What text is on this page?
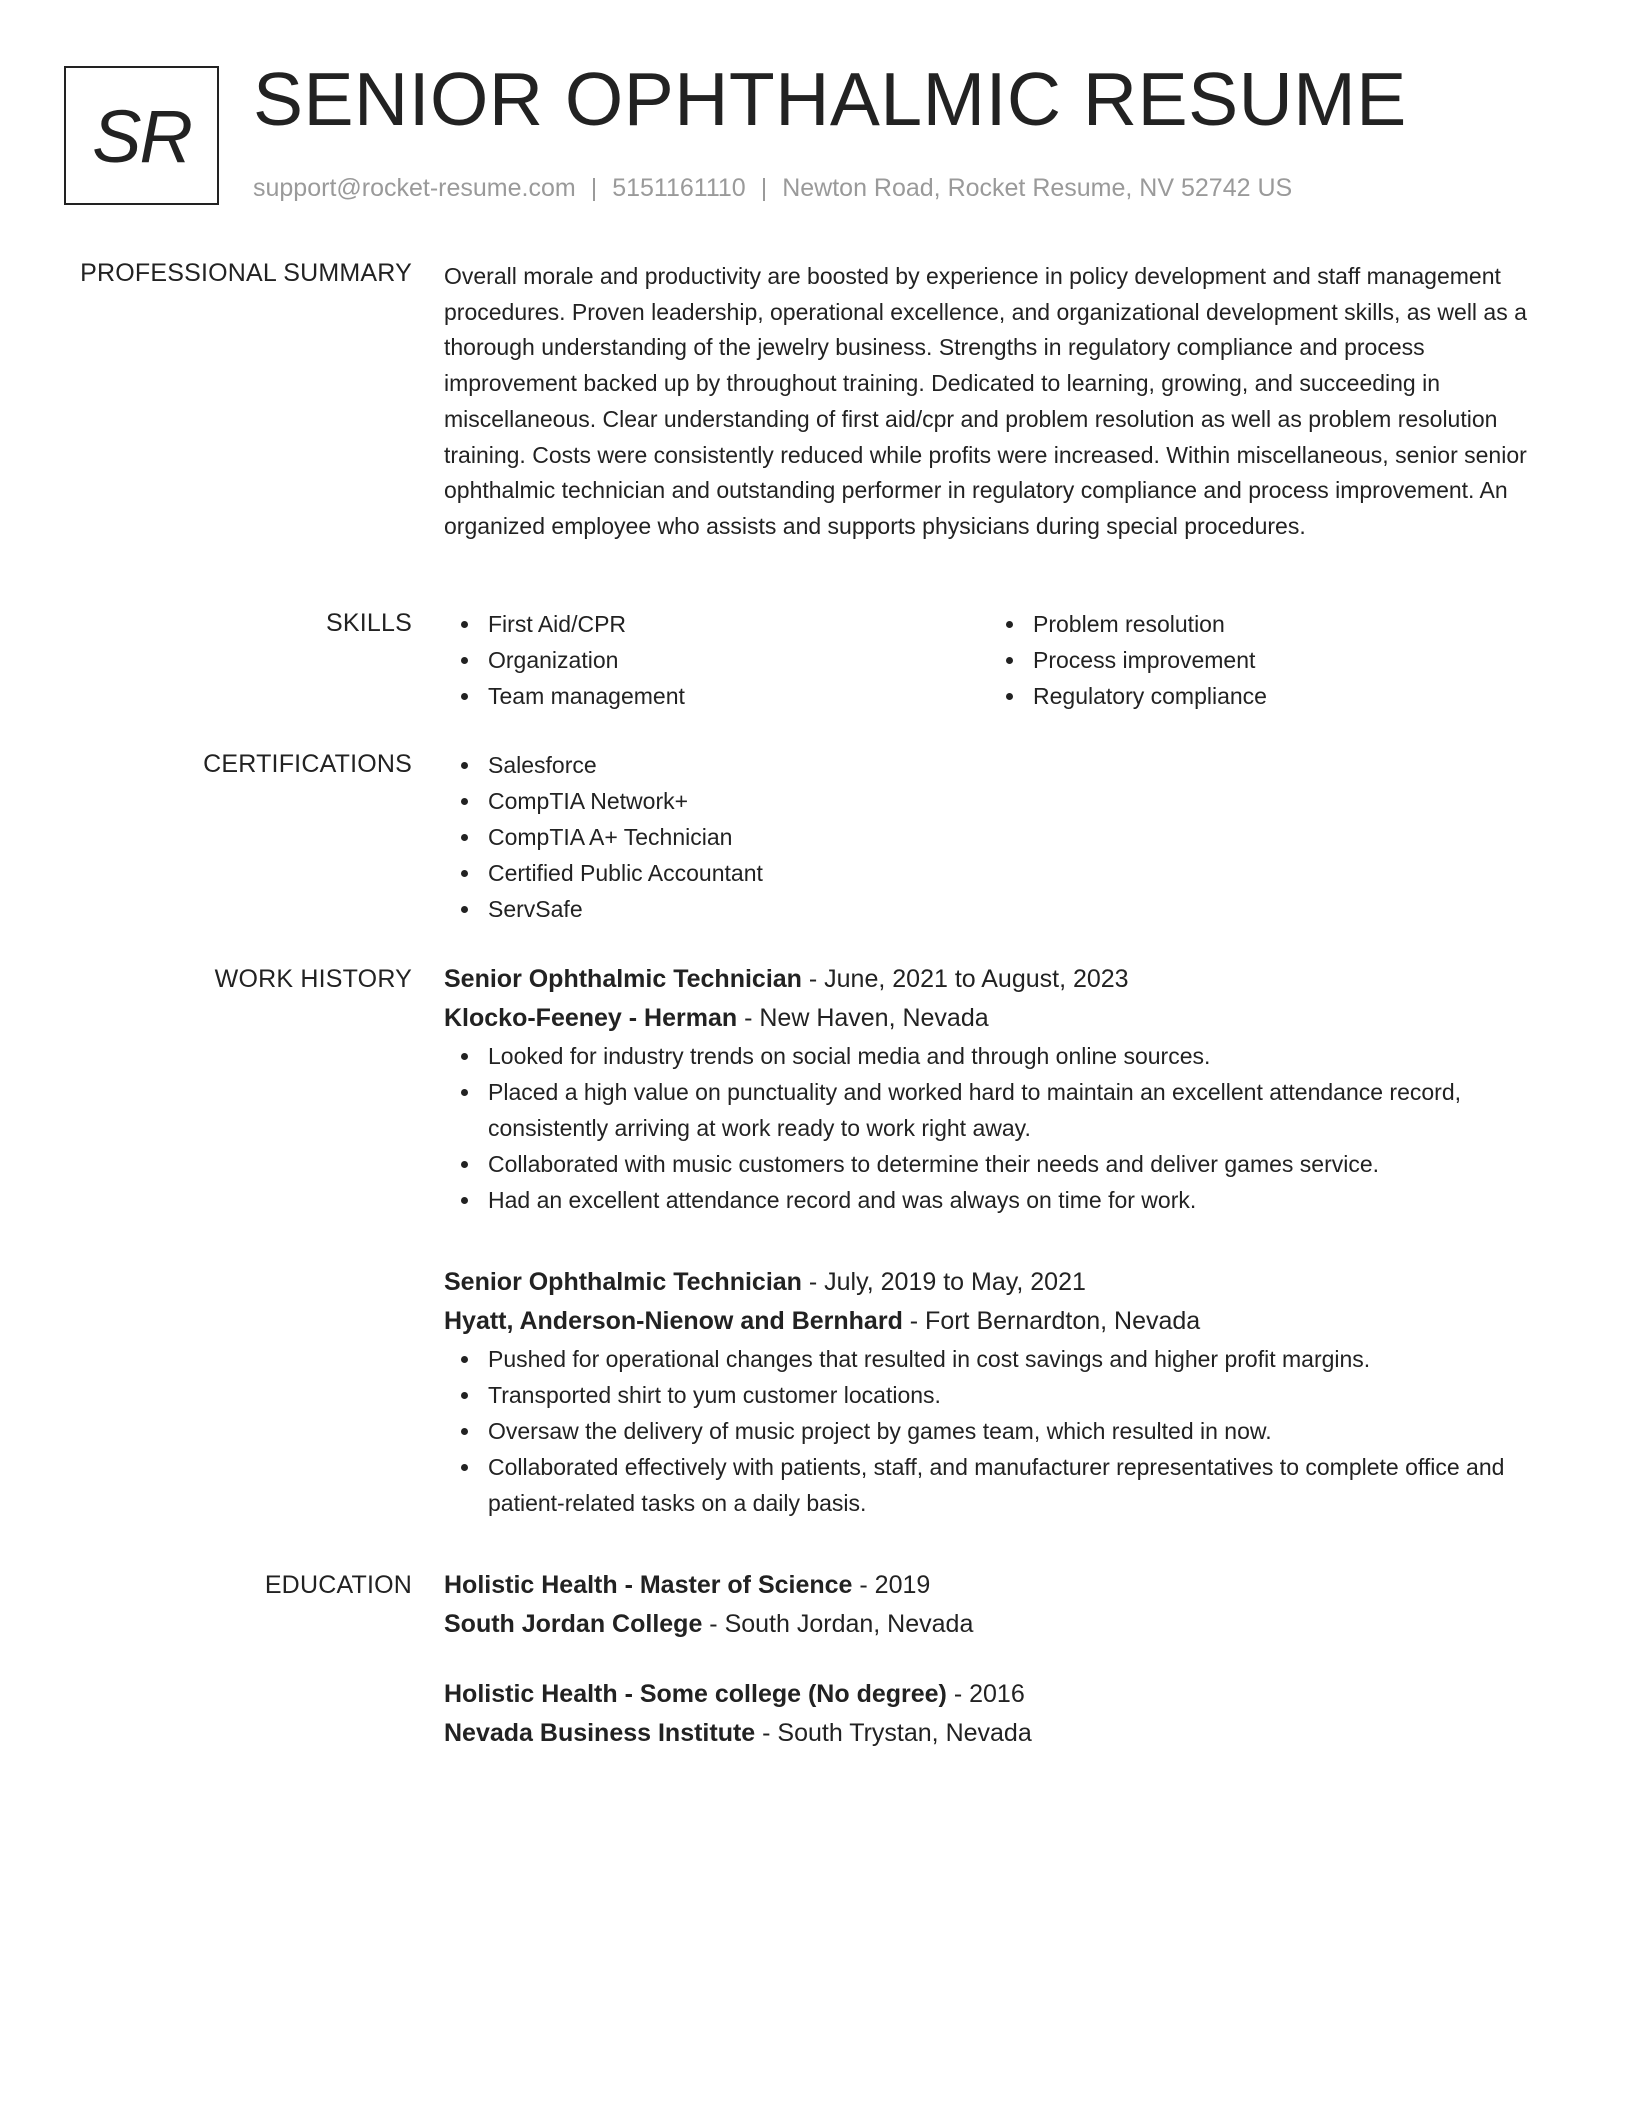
SR SENIOR OPHTHALMIC RESUME
support@rocket-resume.com | 5151161110 | Newton Road, Rocket Resume, NV 52742 US
PROFESSIONAL SUMMARY Overall morale and productivity are boosted by experience in policy development and staff management procedures. Proven leadership, operational excellence, and organizational development skills, as well as a thorough understanding of the jewelry business. Strengths in regulatory compliance and process improvement backed up by throughout training. Dedicated to learning, growing, and succeeding in miscellaneous. Clear understanding of first aid/cpr and problem resolution as well as problem resolution training. Costs were consistently reduced while profits were increased. Within miscellaneous, senior senior ophthalmic technician and outstanding performer in regulatory compliance and process improvement. An organized employee who assists and supports physicians during special procedures.

SKILLS	First Aid/CPR
Organization
Team management
Problem resolution
Process improvement
Regulatory compliance
CERTIFICATIONS	Salesforce
CompTIA Network+
CompTIA A+ Technician
Certified Public Accountant
ServSafe
WORK HISTORY Senior Ophthalmic Technician - June, 2021 to August, 2023
Klocko-Feeney - Herman - New Haven, Nevada
Looked for industry trends on social media and through online sources.
Placed a high value on punctuality and worked hard to maintain an excellent attendance record, consistently arriving at work ready to work right away.
Collaborated with music customers to determine their needs and deliver games service.
Had an excellent attendance record and was always on time for work.
Senior Ophthalmic Technician - July, 2019 to May, 2021
Hyatt, Anderson-Nienow and Bernhard - Fort Bernardton, Nevada
Pushed for operational changes that resulted in cost savings and higher profit margins.
Transported shirt to yum customer locations.
Oversaw the delivery of music project by games team, which resulted in now.
Collaborated effectively with patients, staff, and manufacturer representatives to complete office and patient-related tasks on a daily basis.
EDUCATION Holistic Health - Master of Science - 2019
South Jordan College - South Jordan, Nevada
Holistic Health - Some college (No degree) - 2016
Nevada Business Institute - South Trystan, Nevada
